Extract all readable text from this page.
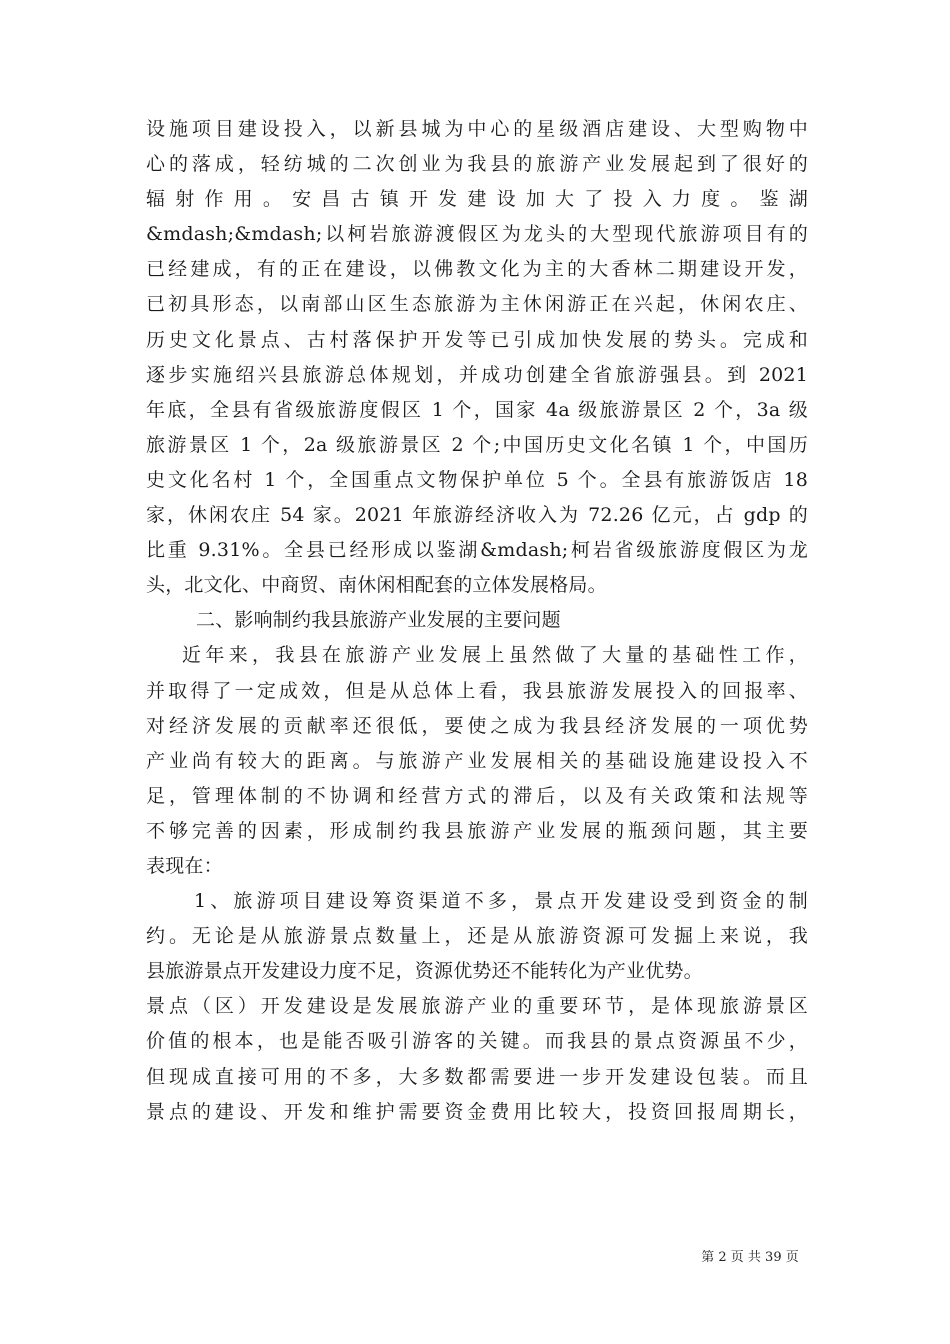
设施项目建设投入，以新县城为中心的星级酒店建设、大型购物中
心的落成，轻纺城的二次创业为我县的旅游产业发展起到了很好的
辐射作用。安昌古镇开发建设加大了投入力度。鉴湖
&mdash;&mdash;以柯岩旅游渡假区为龙头的大型现代旅游项目有的
已经建成，有的正在建设，以佛教文化为主的大香林二期建设开发，
已初具形态，以南部山区生态旅游为主休闲游正在兴起，休闲农庄、
历史文化景点、古村落保护开发等已引成加快发展的势头。完成和
逐步实施绍兴县旅游总体规划，并成功创建全省旅游强县。到 2021
年底，全县有省级旅游度假区 1 个，国家 4a 级旅游景区 2 个，3a 级
旅游景区 1 个，2a 级旅游景区 2 个;中国历史文化名镇 1 个，中国历
史文化名村 1 个，全国重点文物保护单位 5 个。全县有旅游饭店 18
家，休闲农庄 54 家。2021 年旅游经济收入为 72.26 亿元，占 gdp 的
比重 9.31%。全县已经形成以鉴湖&mdash;柯岩省级旅游度假区为龙
头，北文化、中商贸、南休闲相配套的立体发展格局。
二、影响制约我县旅游产业发展的主要问题
近年来，我县在旅游产业发展上虽然做了大量的基础性工作，
并取得了一定成效，但是从总体上看，我县旅游发展投入的回报率、
对经济发展的贡献率还很低，要使之成为我县经济发展的一项优势
产业尚有较大的距离。与旅游产业发展相关的基础设施建设投入不
足，管理体制的不协调和经营方式的滞后，以及有关政策和法规等
不够完善的因素，形成制约我县旅游产业发展的瓶颈问题，其主要
表现在：
1、旅游项目建设筹资渠道不多，景点开发建设受到资金的制
约。无论是从旅游景点数量上，还是从旅游资源可发掘上来说，我
县旅游景点开发建设力度不足，资源优势还不能转化为产业优势。
景点（区）开发建设是发展旅游产业的重要环节，是体现旅游景区
价值的根本，也是能否吸引游客的关键。而我县的景点资源虽不少，
但现成直接可用的不多，大多数都需要进一步开发建设包装。而且
景点的建设、开发和维护需要资金费用比较大，投资回报周期长，
第 2 页 共 39 页
